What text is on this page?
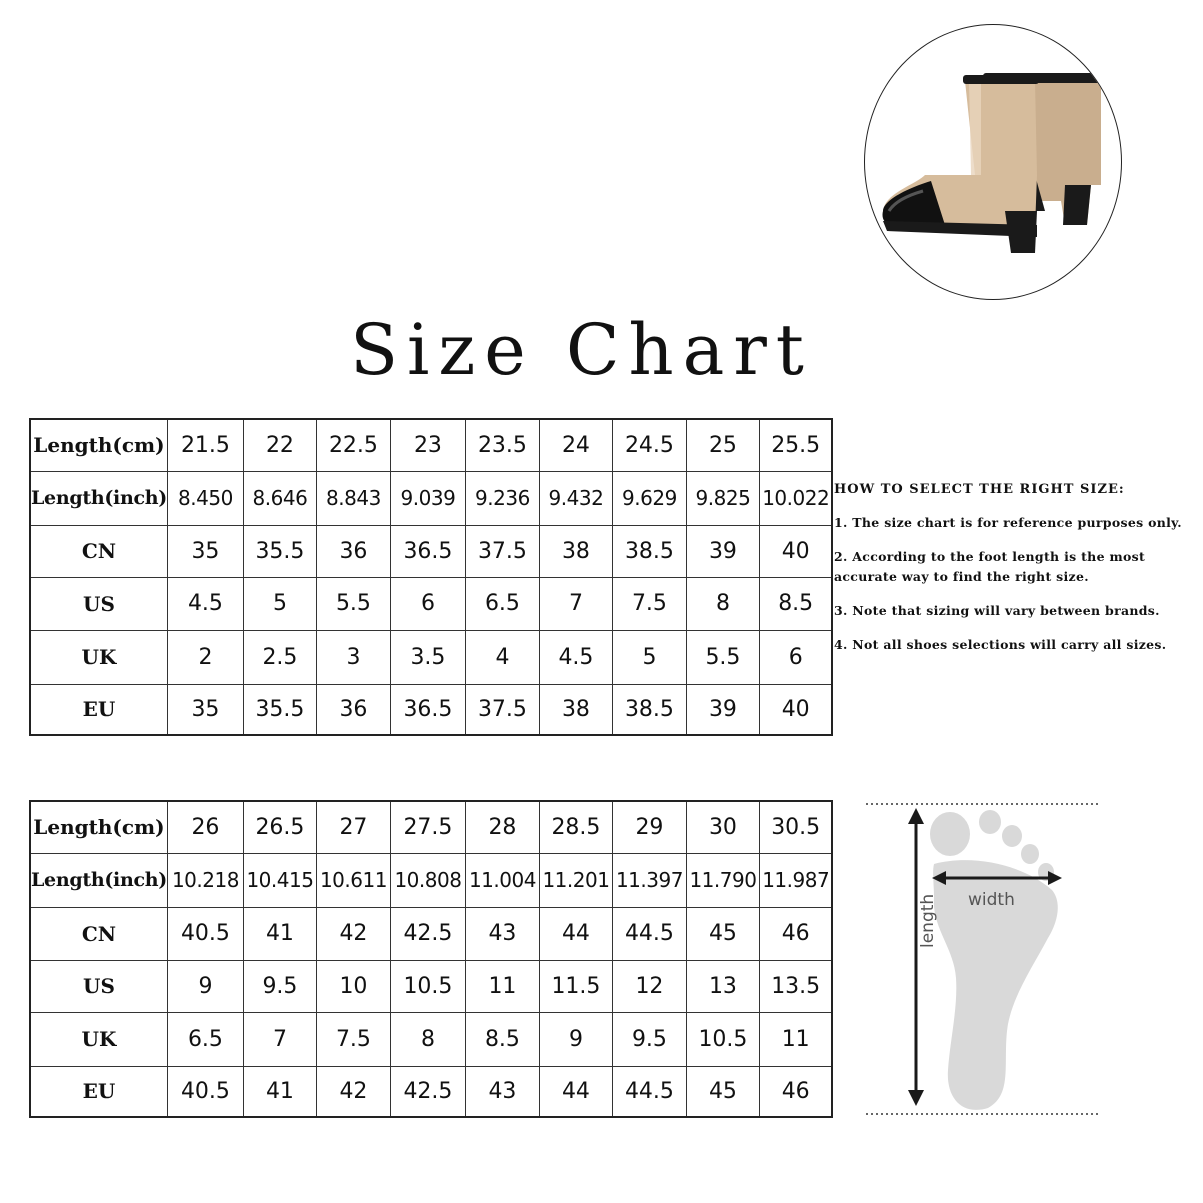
Size Chart
Length(cm)	21.5	22	22.5	23	23.5	24	24.5	25	25.5
Length(inch)	8.450	8.646	8.843	9.039	9.236	9.432	9.629	9.825	10.022
CN	35	35.5	36	36.5	37.5	38	38.5	39	40
US	4.5	5	5.5	6	6.5	7	7.5	8	8.5
UK	2	2.5	3	3.5	4	4.5	5	5.5	6
EU	35	35.5	36	36.5	37.5	38	38.5	39	40
Length(cm)	26	26.5	27	27.5	28	28.5	29	30	30.5
Length(inch)	10.218	10.415	10.611	10.808	11.004	11.201	11.397	11.790	11.987
CN	40.5	41	42	42.5	43	44	44.5	45	46
US	9	9.5	10	10.5	11	11.5	12	13	13.5
UK	6.5	7	7.5	8	8.5	9	9.5	10.5	11
EU	40.5	41	42	42.5	43	44	44.5	45	46
HOW TO SELECT THE RIGHT SIZE:
1. The size chart is for reference purposes only.
2. According to the foot length is the most accurate way to find the right size.
3. Note that sizing will vary between brands.
4. Not all shoes selections will carry all sizes.
width
length
